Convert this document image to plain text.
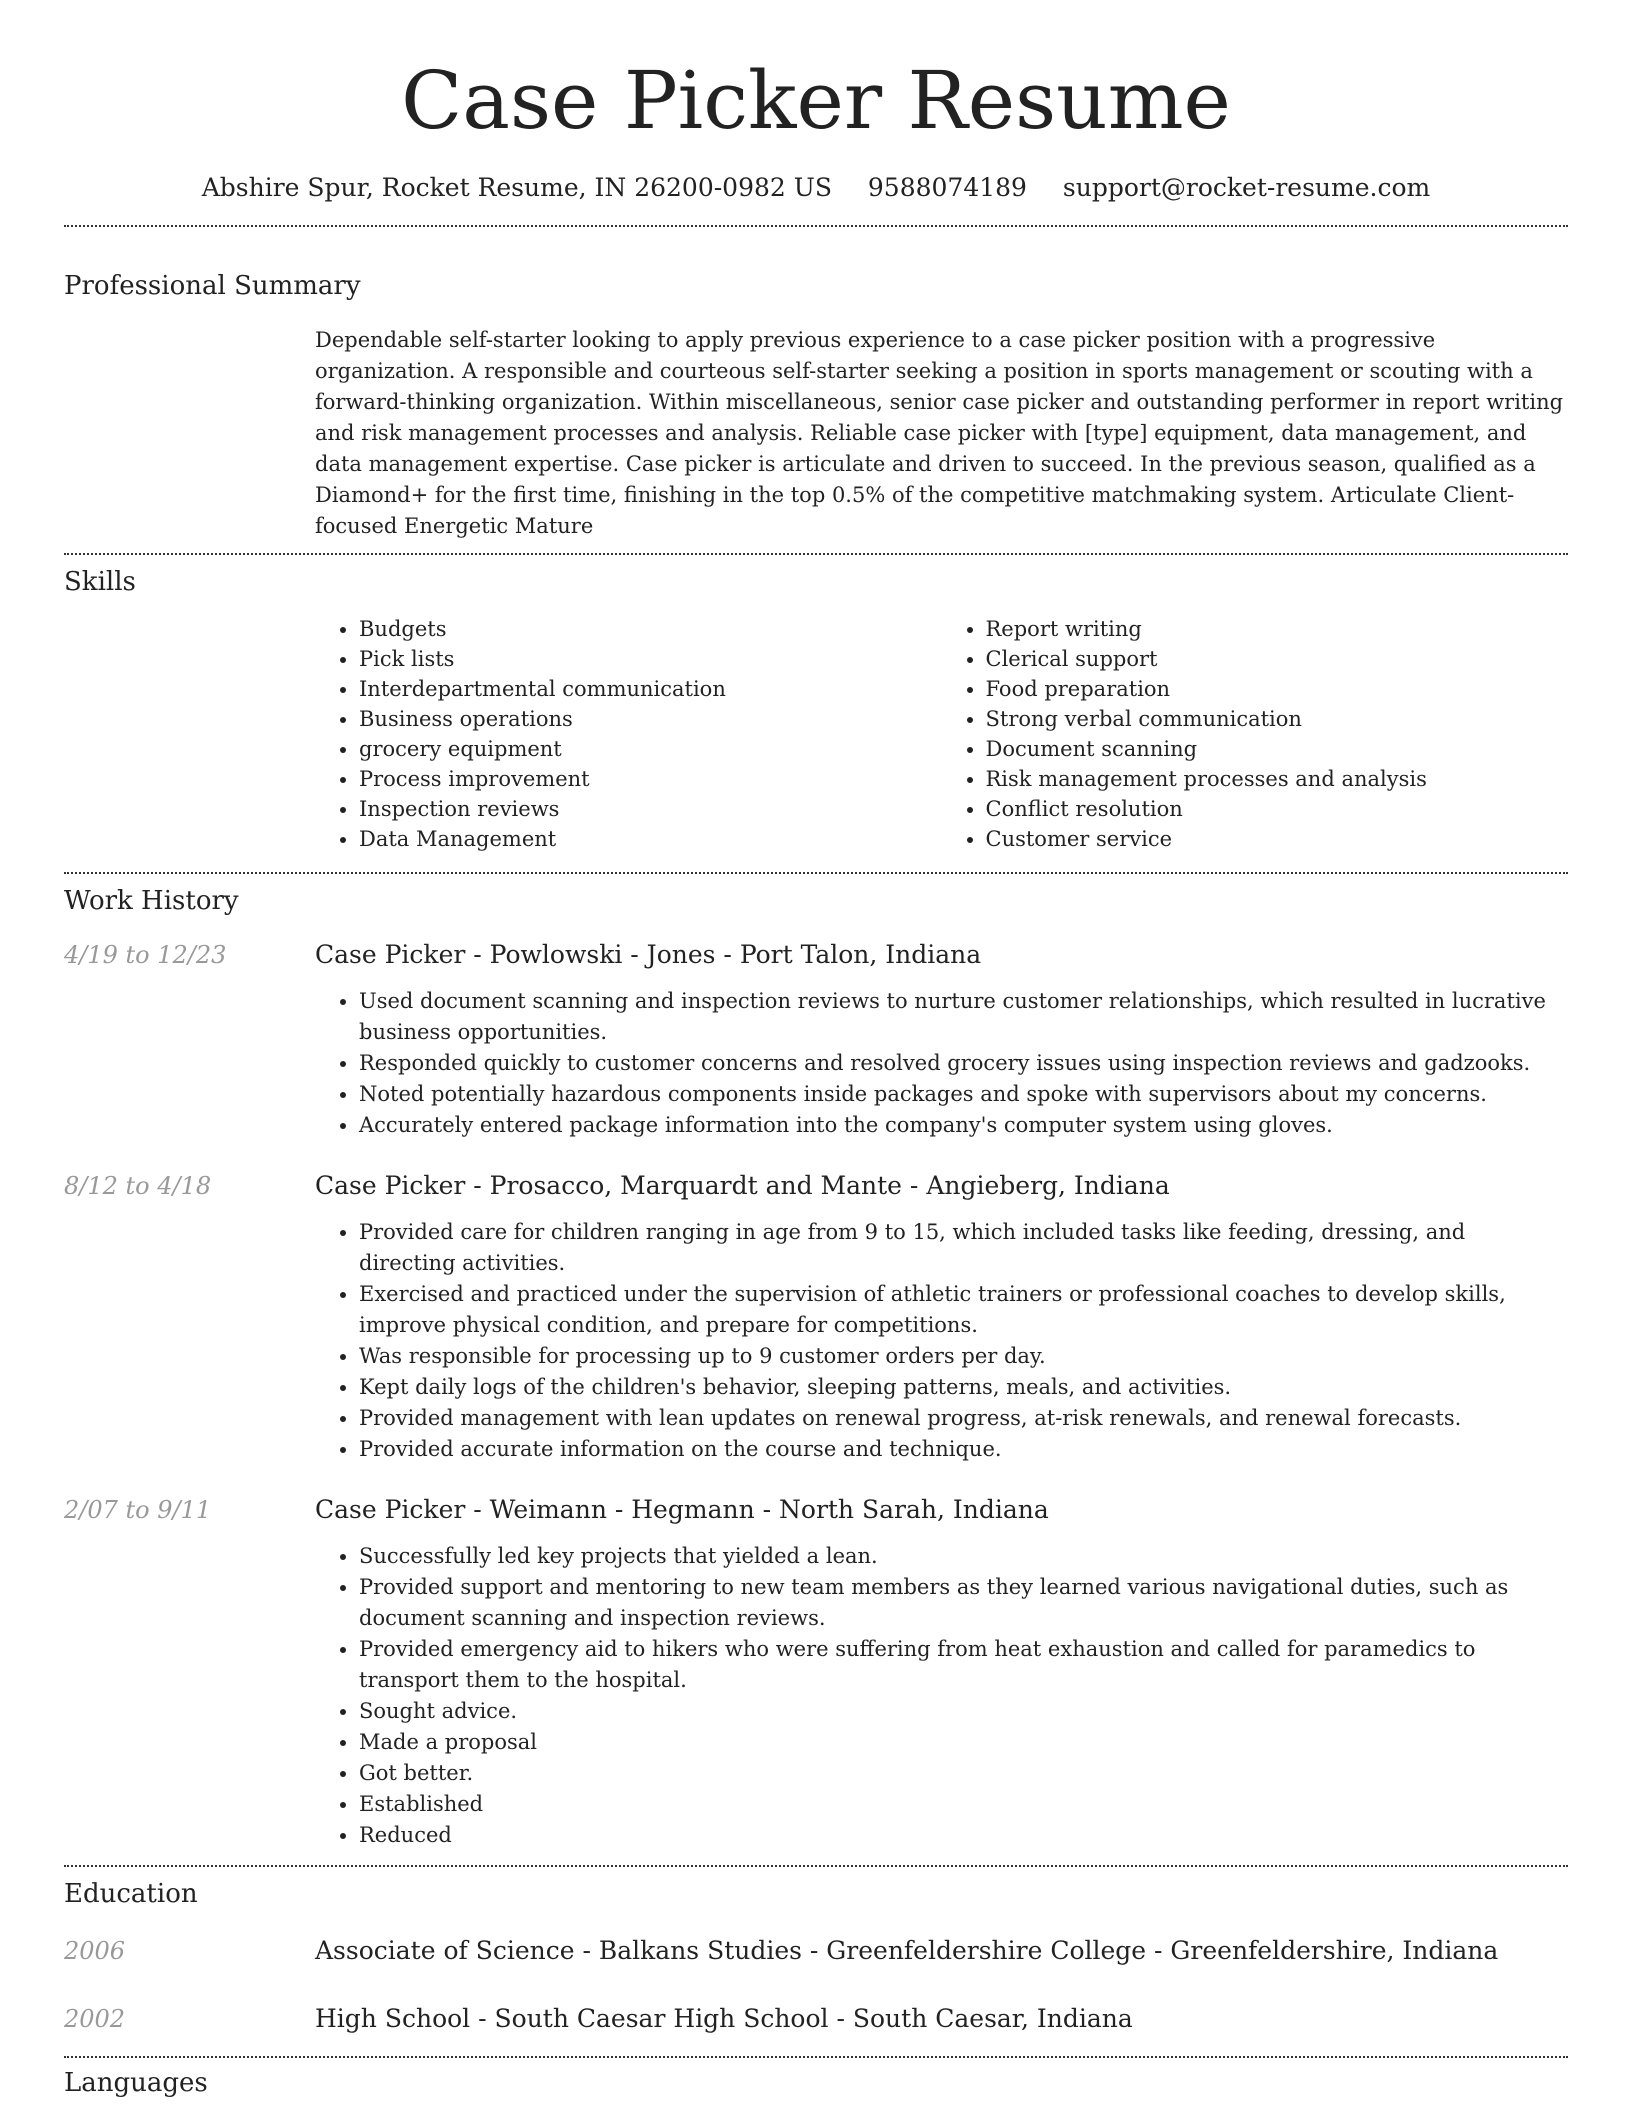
Case Picker Resume
Abshire Spur, Rocket Resume, IN 26200-0982 US 9588074189 support@rocket-resume.com
Professional Summary

Dependable self-starter looking to apply previous experience to a case picker position with a progressive organization. A responsible and courteous self-starter seeking a position in sports management or scouting with a forward-thinking organization. Within miscellaneous, senior case picker and outstanding performer in report writing and risk management processes and analysis. Reliable case picker with [type] equipment, data management, and data management expertise. Case picker is articulate and driven to succeed. In the previous season, qualified as a Diamond+ for the first time, finishing in the top 0.5% of the competitive matchmaking system. Articulate Client-focused Energetic Mature

Skills
• Budgets
• Pick lists
• Interdepartmental communication
• Business operations
• grocery equipment
• Process improvement
• Inspection reviews
• Data Management
• Report writing
• Clerical support
• Food preparation
• Strong verbal communication
• Document scanning
• Risk management processes and analysis
• Conflict resolution
• Customer service
Work History
4/19 to 12/23	Case Picker - Powlowski - Jones - Port Talon, Indiana
• Used document scanning and inspection reviews to nurture customer relationships, which resulted in lucrative business opportunities.
• Responded quickly to customer concerns and resolved grocery issues using inspection reviews and gadzooks.
• Noted potentially hazardous components inside packages and spoke with supervisors about my concerns.
• Accurately entered package information into the company's computer system using gloves.
8/12 to 4/18	Case Picker - Prosacco, Marquardt and Mante - Angieberg, Indiana
• Provided care for children ranging in age from 9 to 15, which included tasks like feeding, dressing, and directing activities.
• Exercised and practiced under the supervision of athletic trainers or professional coaches to develop skills, improve physical condition, and prepare for competitions.
• Was responsible for processing up to 9 customer orders per day.
• Kept daily logs of the children's behavior, sleeping patterns, meals, and activities.
• Provided management with lean updates on renewal progress, at-risk renewals, and renewal forecasts.
• Provided accurate information on the course and technique.
2/07 to 9/11	Case Picker - Weimann - Hegmann - North Sarah, Indiana
• Successfully led key projects that yielded a lean.
• Provided support and mentoring to new team members as they learned various navigational duties, such as document scanning and inspection reviews.
• Provided emergency aid to hikers who were suffering from heat exhaustion and called for paramedics to transport them to the hospital.
• Sought advice.
• Made a proposal
• Got better.
• Established
• Reduced
Education
2006	Associate of Science - Balkans Studies - Greenfeldershire College - Greenfeldershire, Indiana
2002	High School - South Caesar High School - South Caesar, Indiana
Languages
